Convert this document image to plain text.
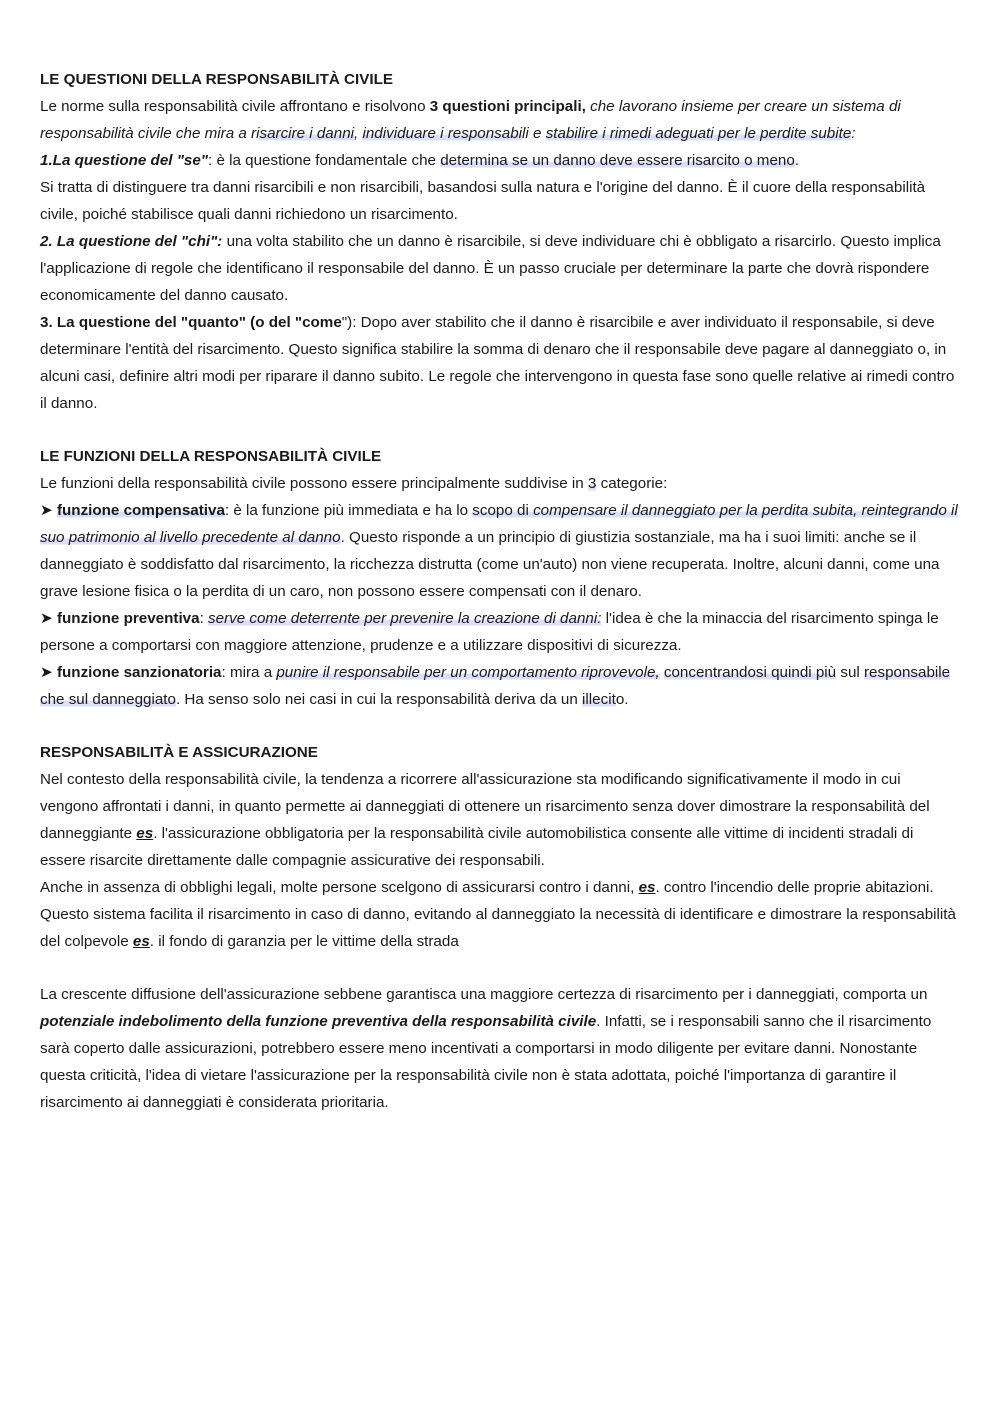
LE QUESTIONI DELLA RESPONSABILITÀ CIVILE

Le norme sulla responsabilità civile affrontano e risolvono 3 questioni principali, che lavorano insieme per creare un sistema di responsabilità civile che mira a risarcire i danni, individuare i responsabili e stabilire i rimedi adeguati per le perdite subite:

1.La questione del "se": è la questione fondamentale che determina se un danno deve essere risarcito o meno.

Si tratta di distinguere tra danni risarcibili e non risarcibili, basandosi sulla natura e l'origine del danno. È il cuore della responsabilità civile, poiché stabilisce quali danni richiedono un risarcimento.

2. La questione del "chi": una volta stabilito che un danno è risarcibile, si deve individuare chi è obbligato a risarcirlo. Questo implica l'applicazione di regole che identificano il responsabile del danno. È un passo cruciale per determinare la parte che dovrà rispondere economicamente del danno causato.

3. La questione del "quanto" (o del "come"): Dopo aver stabilito che il danno è risarcibile e aver individuato il responsabile, si deve determinare l'entità del risarcimento. Questo significa stabilire la somma di denaro che il responsabile deve pagare al danneggiato o, in alcuni casi, definire altri modi per riparare il danno subito. Le regole che intervengono in questa fase sono quelle relative ai rimedi contro il danno.

LE FUNZIONI DELLA RESPONSABILITÀ CIVILE

Le funzioni della responsabilità civile possono essere principalmente suddivise in 3 categorie:

➤ funzione compensativa: è la funzione più immediata e ha lo scopo di compensare il danneggiato per la perdita subita, reintegrando il suo patrimonio al livello precedente al danno. Questo risponde a un principio di giustizia sostanziale, ma ha i suoi limiti: anche se il danneggiato è soddisfatto dal risarcimento, la ricchezza distrutta (come un'auto) non viene recuperata. Inoltre, alcuni danni, come una grave lesione fisica o la perdita di un caro, non possono essere compensati con il denaro.

➤ funzione preventiva: serve come deterrente per prevenire la creazione di danni: l'idea è che la minaccia del risarcimento spinga le persone a comportarsi con maggiore attenzione, prudenze e a utilizzare dispositivi di sicurezza.

➤ funzione sanzionatoria: mira a punire il responsabile per un comportamento riprovevole, concentrandosi quindi più sul responsabile che sul danneggiato. Ha senso solo nei casi in cui la responsabilità deriva da un illecito.

RESPONSABILITÀ E ASSICURAZIONE

Nel contesto della responsabilità civile, la tendenza a ricorrere all'assicurazione sta modificando significativamente il modo in cui vengono affrontati i danni, in quanto permette ai danneggiati di ottenere un risarcimento senza dover dimostrare la responsabilità del danneggiante es. l'assicurazione obbligatoria per la responsabilità civile automobilistica consente alle vittime di incidenti stradali di essere risarcite direttamente dalle compagnie assicurative dei responsabili.

Anche in assenza di obblighi legali, molte persone scelgono di assicurarsi contro i danni, es. contro l'incendio delle proprie abitazioni. Questo sistema facilita il risarcimento in caso di danno, evitando al danneggiato la necessità di identificare e dimostrare la responsabilità del colpevole es. il fondo di garanzia per le vittime della strada

La crescente diffusione dell'assicurazione sebbene garantisca una maggiore certezza di risarcimento per i danneggiati, comporta un potenziale indebolimento della funzione preventiva della responsabilità civile. Infatti, se i responsabili sanno che il risarcimento sarà coperto dalle assicurazioni, potrebbero essere meno incentivati a comportarsi in modo diligente per evitare danni. Nonostante questa criticità, l'idea di vietare l'assicurazione per la responsabilità civile non è stata adottata, poiché l'importanza di garantire il risarcimento ai danneggiati è considerata prioritaria.
